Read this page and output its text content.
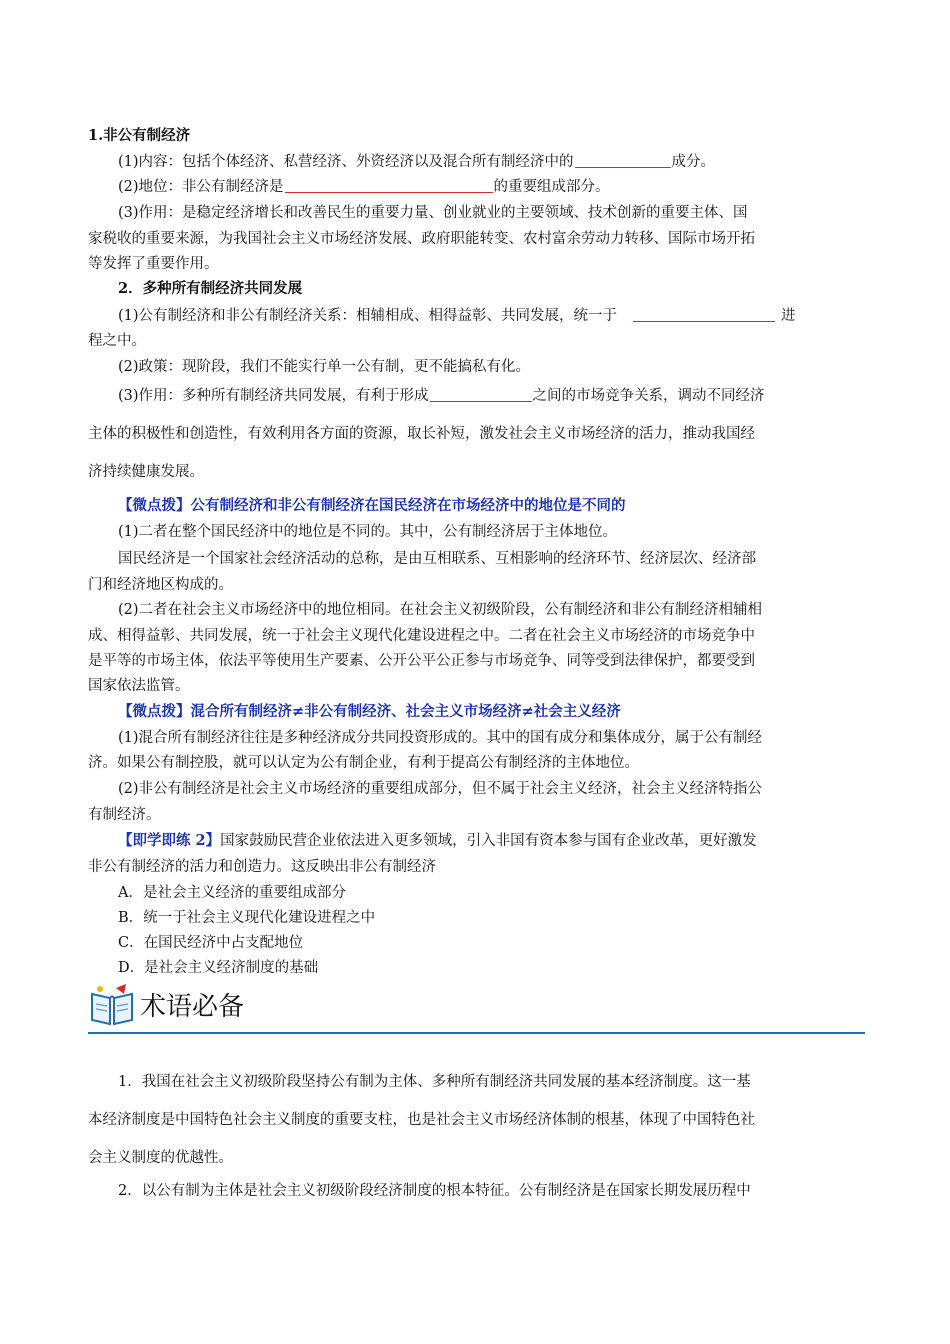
1.非公有制经济
(1)内容：包括个体经济、私营经济、外资经济以及混合所有制经济中的	成分。
(2)地位：非公有制经济是	的重要组成部分。
(3)作用：是稳定经济增长和改善民生的重要力量、创业就业的主要领域、技术创新的重要主体、国
家税收的重要来源，为我国社会主义市场经济发展、政府职能转变、农村富余劳动力转移、国际市场开拓
等发挥了重要作用。
2．多种所有制经济共同发展
(1)公有制经济和非公有制经济关系：相辅相成、相得益彰、共同发展，统一于	进
程之中。
(2)政策：现阶段，我们不能实行单一公有制，更不能搞私有化。
(3)作用：多种所有制经济共同发展，有利于形成	之间的市场竞争关系，调动不同经济
主体的积极性和创造性，有效利用各方面的资源，取长补短，激发社会主义市场经济的活力，推动我国经
济持续健康发展。
【微点拨】公有制经济和非公有制经济在国民经济在市场经济中的地位是不同的
(1)二者在整个国民经济中的地位是不同的。其中，公有制经济居于主体地位。
国民经济是一个国家社会经济活动的总称，是由互相联系、互相影响的经济环节、经济层次、经济部
门和经济地区构成的。
(2)二者在社会主义市场经济中的地位相同。在社会主义初级阶段，公有制经济和非公有制经济相辅相
成、相得益彰、共同发展，统一于社会主义现代化建设进程之中。二者在社会主义市场经济的市场竞争中
是平等的市场主体，依法平等使用生产要素、公开公平公正参与市场竞争、同等受到法律保护，都要受到
国家依法监管。
【微点拨】混合所有制经济≠非公有制经济、社会主义市场经济≠社会主义经济
(1)混合所有制经济往往是多种经济成分共同投资形成的。其中的国有成分和集体成分，属于公有制经
济。如果公有制控股，就可以认定为公有制企业，有利于提高公有制经济的主体地位。
(2)非公有制经济是社会主义市场经济的重要组成部分，但不属于社会主义经济，社会主义经济特指公
有制经济。
【即学即练 2】国家鼓励民营企业依法进入更多领域，引入非国有资本参与国有企业改革，更好激发
非公有制经济的活力和创造力。这反映出非公有制经济
A．是社会主义经济的重要组成部分
B．统一于社会主义现代化建设进程之中
C．在国民经济中占支配地位
D．是社会主义经济制度的基础
术语必备
1．我国在社会主义初级阶段坚持公有制为主体、多种所有制经济共同发展的基本经济制度。这一基
本经济制度是中国特色社会主义制度的重要支柱，也是社会主义市场经济体制的根基，体现了中国特色社
会主义制度的优越性。
2．以公有制为主体是社会主义初级阶段经济制度的根本特征。公有制经济是在国家长期发展历程中
